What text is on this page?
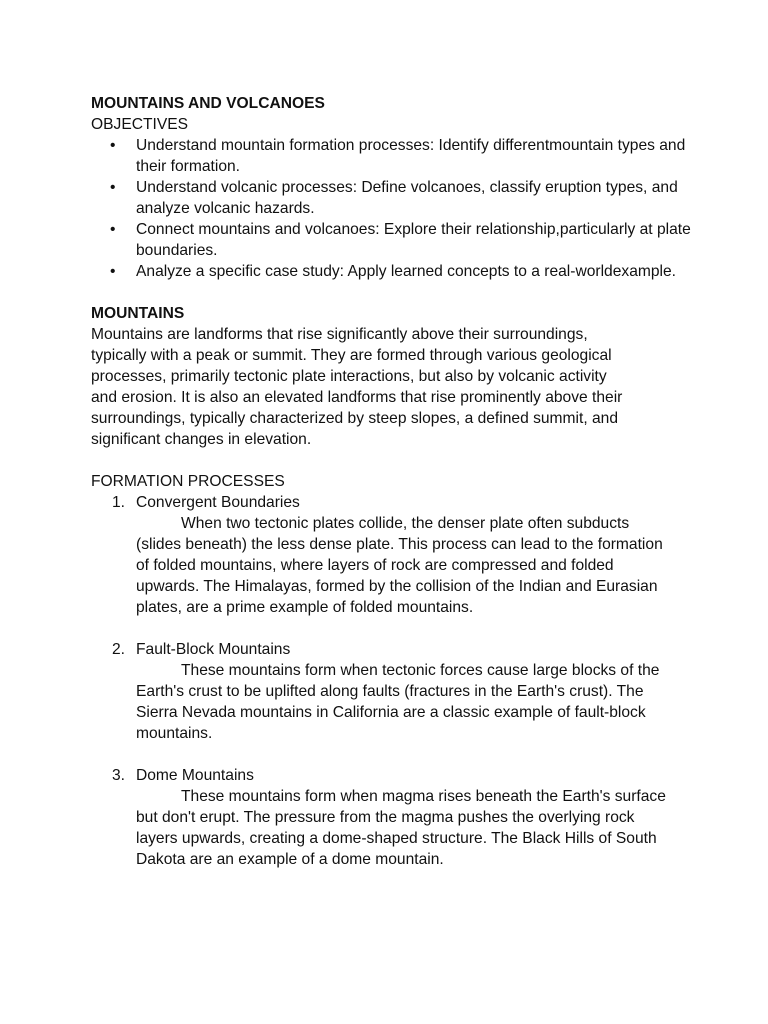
MOUNTAINS AND VOLCANOES

OBJECTIVES

• Understand mountain formation processes: Identify differentmountain types and their formation.
• Understand volcanic processes: Define volcanoes, classify eruption types, and analyze volcanic hazards.
• Connect mountains and volcanoes: Explore their relationship,particularly at plate boundaries.
• Analyze a specific case study: Apply learned concepts to a real-worldexample.

MOUNTAINS

Mountains are landforms that rise significantly above their surroundings, typically with a peak or summit. They are formed through various geological processes, primarily tectonic plate interactions, but also by volcanic activity and erosion. It is also an elevated landforms that rise prominently above their surroundings, typically characterized by steep slopes, a defined summit, and significant changes in elevation.

FORMATION PROCESSES

1. Convergent Boundaries

When two tectonic plates collide, the denser plate often subducts (slides beneath) the less dense plate. This process can lead to the formation of folded mountains, where layers of rock are compressed and folded upwards. The Himalayas, formed by the collision of the Indian and Eurasian plates, are a prime example of folded mountains.

2. Fault-Block Mountains

These mountains form when tectonic forces cause large blocks of the Earth's crust to be uplifted along faults (fractures in the Earth's crust). The Sierra Nevada mountains in California are a classic example of fault-block mountains.

3. Dome Mountains

These mountains form when magma rises beneath the Earth's surface but don't erupt. The pressure from the magma pushes the overlying rock layers upwards, creating a dome-shaped structure. The Black Hills of South Dakota are an example of a dome mountain.
